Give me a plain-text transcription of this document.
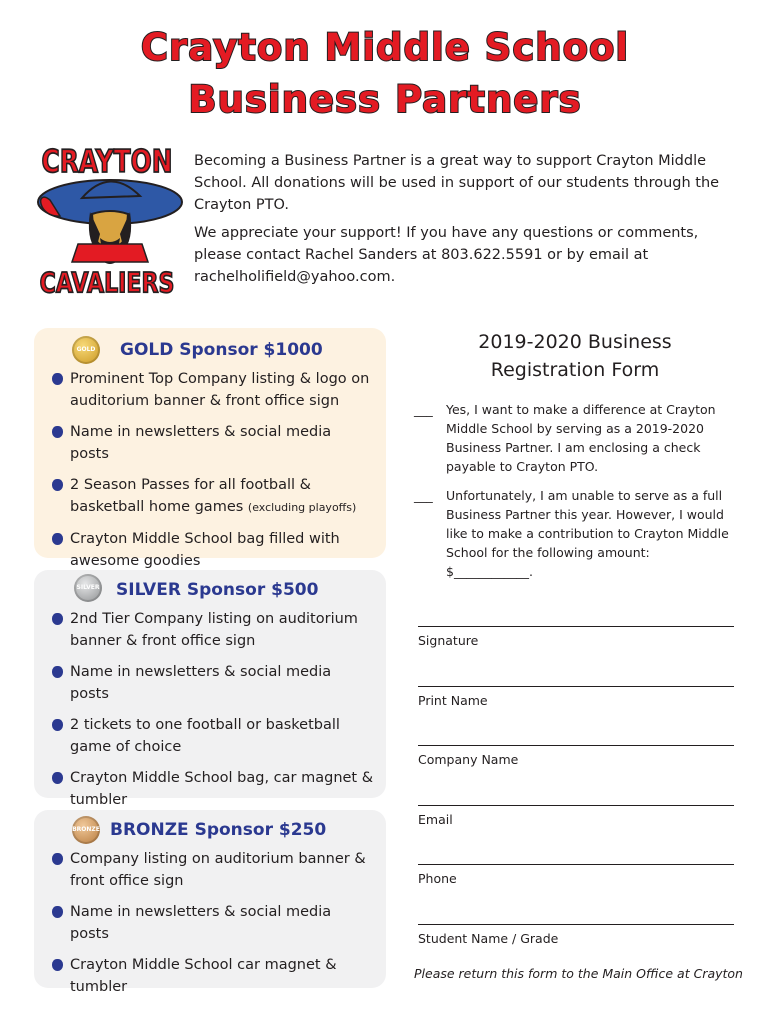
Crayton Middle School
Business Partners
CRAYTON
CAVALIERS

Becoming a Business Partner is a great way to support Crayton Middle School. All donations will be used in support of our students through the Crayton PTO.

We appreciate your support! If you have any questions or comments, please contact Rachel Sanders at 803.622.5591 or by email at rachelholifield@yahoo.com.

GOLD GOLD Sponsor $1000
Prominent Top Company listing & logo on auditorium banner & front office sign
Name in newsletters & social media posts
2 Season Passes for all football & basketball home games (excluding playoffs)
Crayton Middle School bag filled with awesome goodies
SILVER SILVER Sponsor $500
2nd Tier Company listing on auditorium banner & front office sign
Name in newsletters & social media posts
2 tickets to one football or basketball game of choice
Crayton Middle School bag, car magnet & tumbler
BRONZE BRONZE Sponsor $250
Company listing on auditorium banner & front office sign
Name in newsletters & social media posts
Crayton Middle School car magnet & tumbler
2019-2020 Business
Registration Form
___ Yes, I want to make a difference at Crayton Middle School by serving as a 2019-2020 Business Partner. I am enclosing a check payable to Crayton PTO.
___ Unfortunately, I am unable to serve as a full Business Partner this year. However, I would like to make a contribution to Crayton Middle School for the following amount: $____________.
Signature
Print Name
Company Name
Email
Phone
Student Name / Grade
Please return this form to the Main Office at Crayton
